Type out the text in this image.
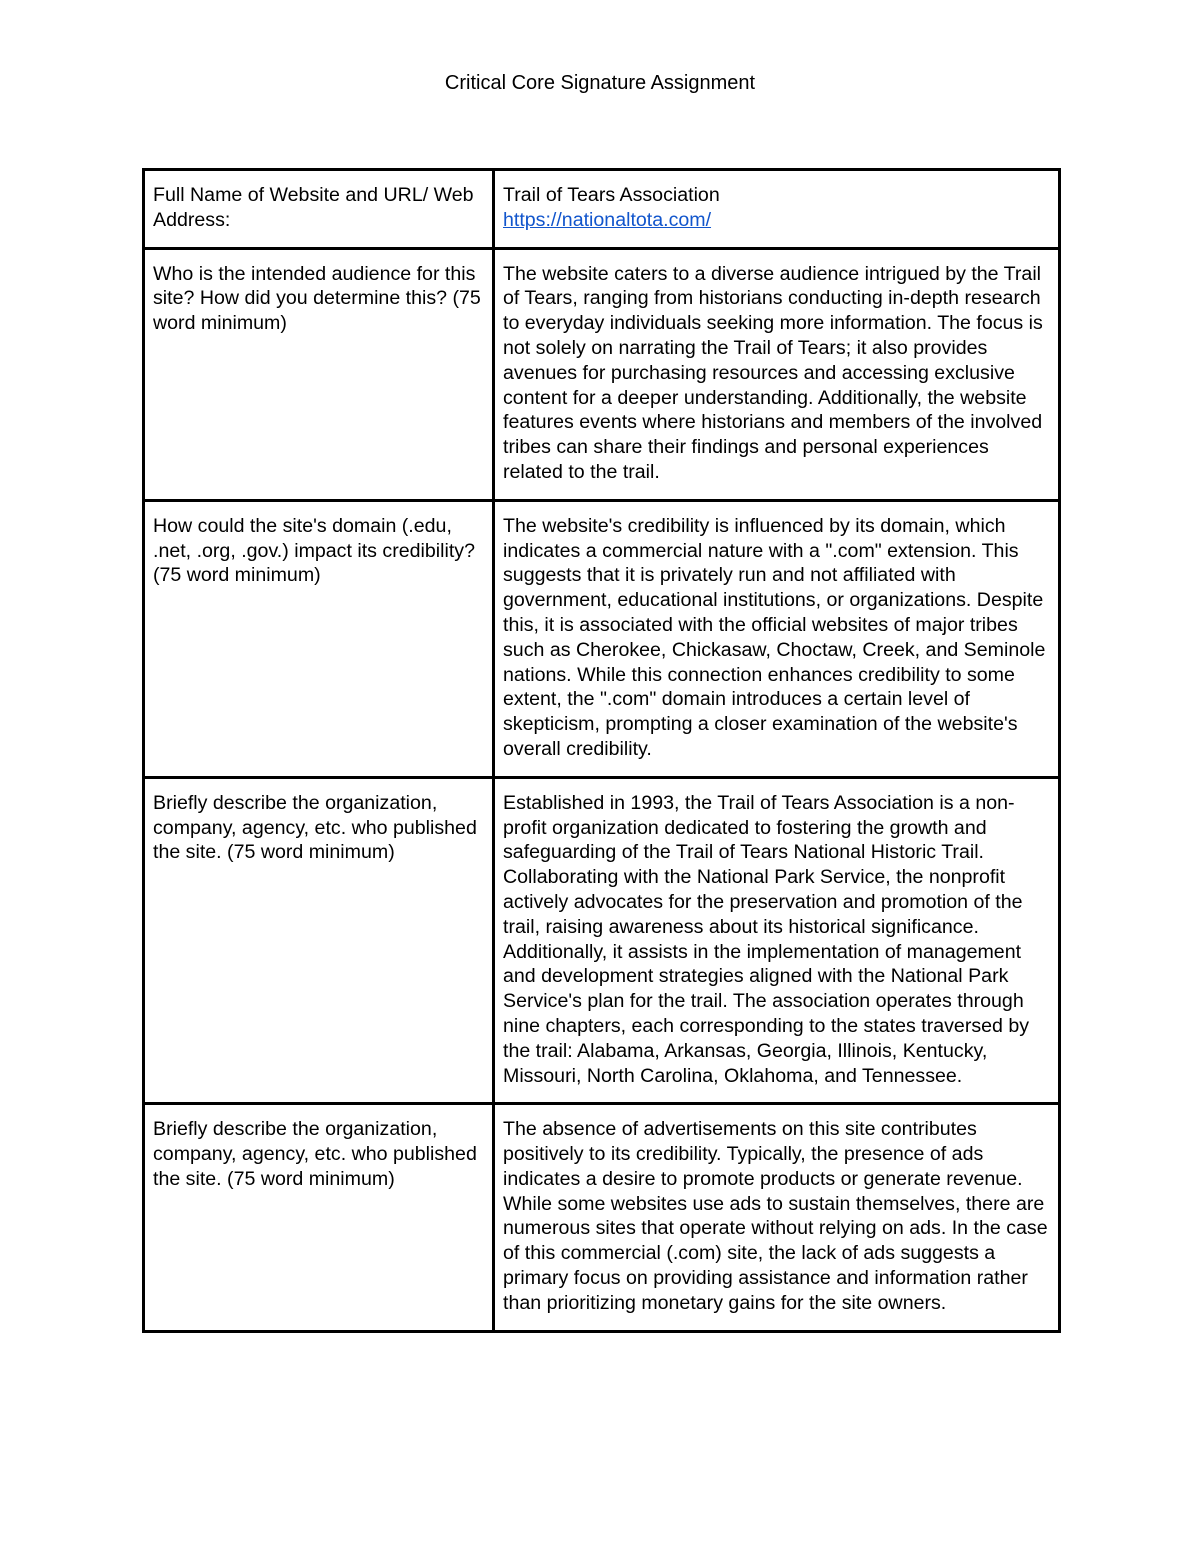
Critical Core Signature Assignment
Full Name of Website and URL/ Web Address:	Trail of Tears Association
https://nationaltota.com/
Who is the intended audience for this site? How did you determine this? (75 word minimum)	The website caters to a diverse audience intrigued by the Trail of Tears, ranging from historians conducting in-depth research to everyday individuals seeking more information. The focus is not solely on narrating the Trail of Tears; it also provides avenues for purchasing resources and accessing exclusive content for a deeper understanding. Additionally, the website features events where historians and members of the involved tribes can share their findings and personal experiences related to the trail.
How could the site's domain (.edu, .net, .org, .gov.) impact its credibility? (75 word minimum)	The website's credibility is influenced by its domain, which indicates a commercial nature with a ".com" extension. This suggests that it is privately run and not affiliated with government, educational institutions, or organizations. Despite this, it is associated with the official websites of major tribes such as Cherokee, Chickasaw, Choctaw, Creek, and Seminole nations. While this connection enhances credibility to some extent, the ".com" domain introduces a certain level of skepticism, prompting a closer examination of the website's overall credibility.
Briefly describe the organization, company, agency, etc. who published the site. (75 word minimum)	Established in 1993, the Trail of Tears Association is a non-profit organization dedicated to fostering the growth and safeguarding of the Trail of Tears National Historic Trail. Collaborating with the National Park Service, the nonprofit actively advocates for the preservation and promotion of the trail, raising awareness about its historical significance. Additionally, it assists in the implementation of management and development strategies aligned with the National Park Service's plan for the trail. The association operates through nine chapters, each corresponding to the states traversed by the trail: Alabama, Arkansas, Georgia, Illinois, Kentucky, Missouri, North Carolina, Oklahoma, and Tennessee.
Briefly describe the organization, company, agency, etc. who published the site. (75 word minimum)	The absence of advertisements on this site contributes positively to its credibility. Typically, the presence of ads indicates a desire to promote products or generate revenue. While some websites use ads to sustain themselves, there are numerous sites that operate without relying on ads. In the case of this commercial (.com) site, the lack of ads suggests a primary focus on providing assistance and information rather than prioritizing monetary gains for the site owners.
